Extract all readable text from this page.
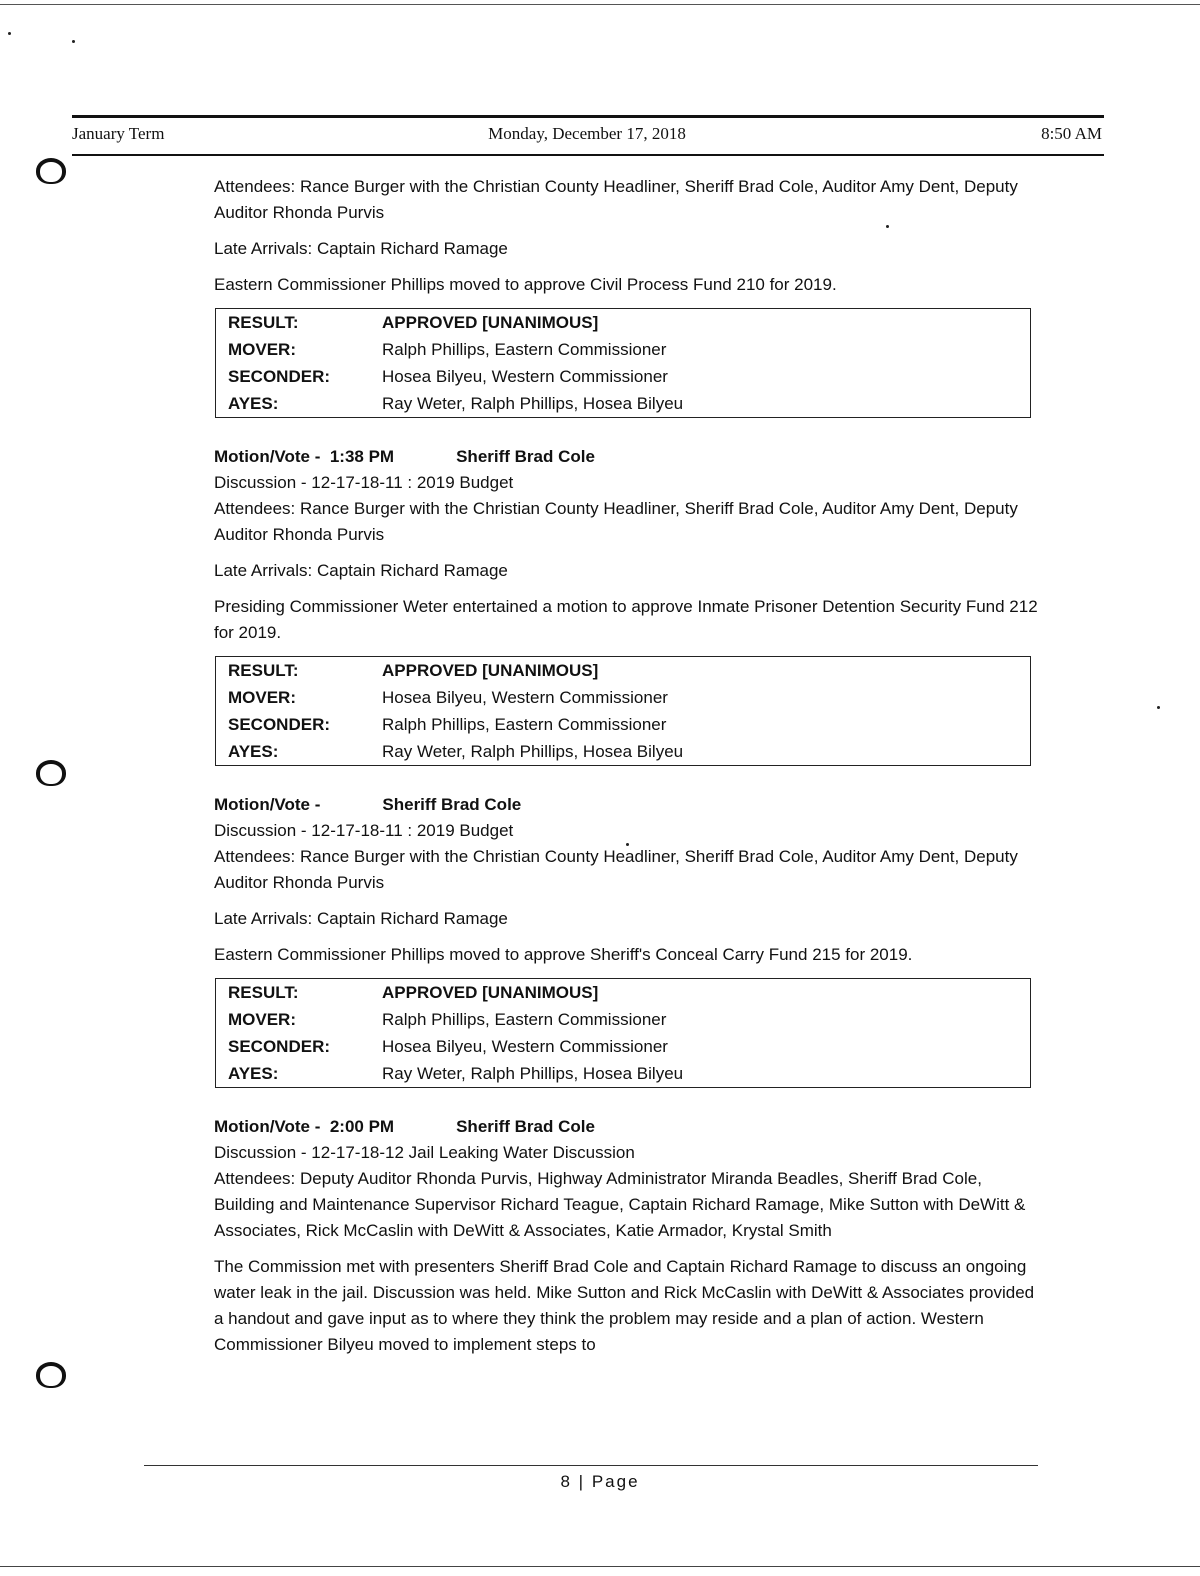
January Term	Monday, December 17, 2018	8:50 AM

Attendees: Rance Burger with the Christian County Headliner, Sheriff Brad Cole, Auditor Amy Dent, Deputy Auditor Rhonda Purvis

Late Arrivals: Captain Richard Ramage

Eastern Commissioner Phillips moved to approve Civil Process Fund 210 for 2019.

RESULT:	APPROVED [UNANIMOUS]
MOVER:	Ralph Phillips, Eastern Commissioner
SECONDER:	Hosea Bilyeu, Western Commissioner
AYES:	Ray Weter, Ralph Phillips, Hosea Bilyeu
Motion/Vote - 1:38 PM	Sheriff Brad Cole

Discussion - 12-17-18-11 : 2019 Budget

Attendees: Rance Burger with the Christian County Headliner, Sheriff Brad Cole, Auditor Amy Dent, Deputy Auditor Rhonda Purvis

Late Arrivals: Captain Richard Ramage

Presiding Commissioner Weter entertained a motion to approve Inmate Prisoner Detention Security Fund 212 for 2019.

RESULT:	APPROVED [UNANIMOUS]
MOVER:	Hosea Bilyeu, Western Commissioner
SECONDER:	Ralph Phillips, Eastern Commissioner
AYES:	Ray Weter, Ralph Phillips, Hosea Bilyeu
Motion/Vote -	Sheriff Brad Cole

Discussion - 12-17-18-11 : 2019 Budget

Attendees: Rance Burger with the Christian County Headliner, Sheriff Brad Cole, Auditor Amy Dent, Deputy Auditor Rhonda Purvis

Late Arrivals: Captain Richard Ramage

Eastern Commissioner Phillips moved to approve Sheriff's Conceal Carry Fund 215 for 2019.

RESULT:	APPROVED [UNANIMOUS]
MOVER:	Ralph Phillips, Eastern Commissioner
SECONDER:	Hosea Bilyeu, Western Commissioner
AYES:	Ray Weter, Ralph Phillips, Hosea Bilyeu
Motion/Vote - 2:00 PM	Sheriff Brad Cole

Discussion - 12-17-18-12 Jail Leaking Water Discussion

Attendees: Deputy Auditor Rhonda Purvis, Highway Administrator Miranda Beadles, Sheriff Brad Cole, Building and Maintenance Supervisor Richard Teague, Captain Richard Ramage, Mike Sutton with DeWitt & Associates, Rick McCaslin with DeWitt & Associates, Katie Armador, Krystal Smith

The Commission met with presenters Sheriff Brad Cole and Captain Richard Ramage to discuss an ongoing water leak in the jail. Discussion was held. Mike Sutton and Rick McCaslin with DeWitt & Associates provided a handout and gave input as to where they think the problem may reside and a plan of action. Western Commissioner Bilyeu moved to implement steps to

8 | Page
